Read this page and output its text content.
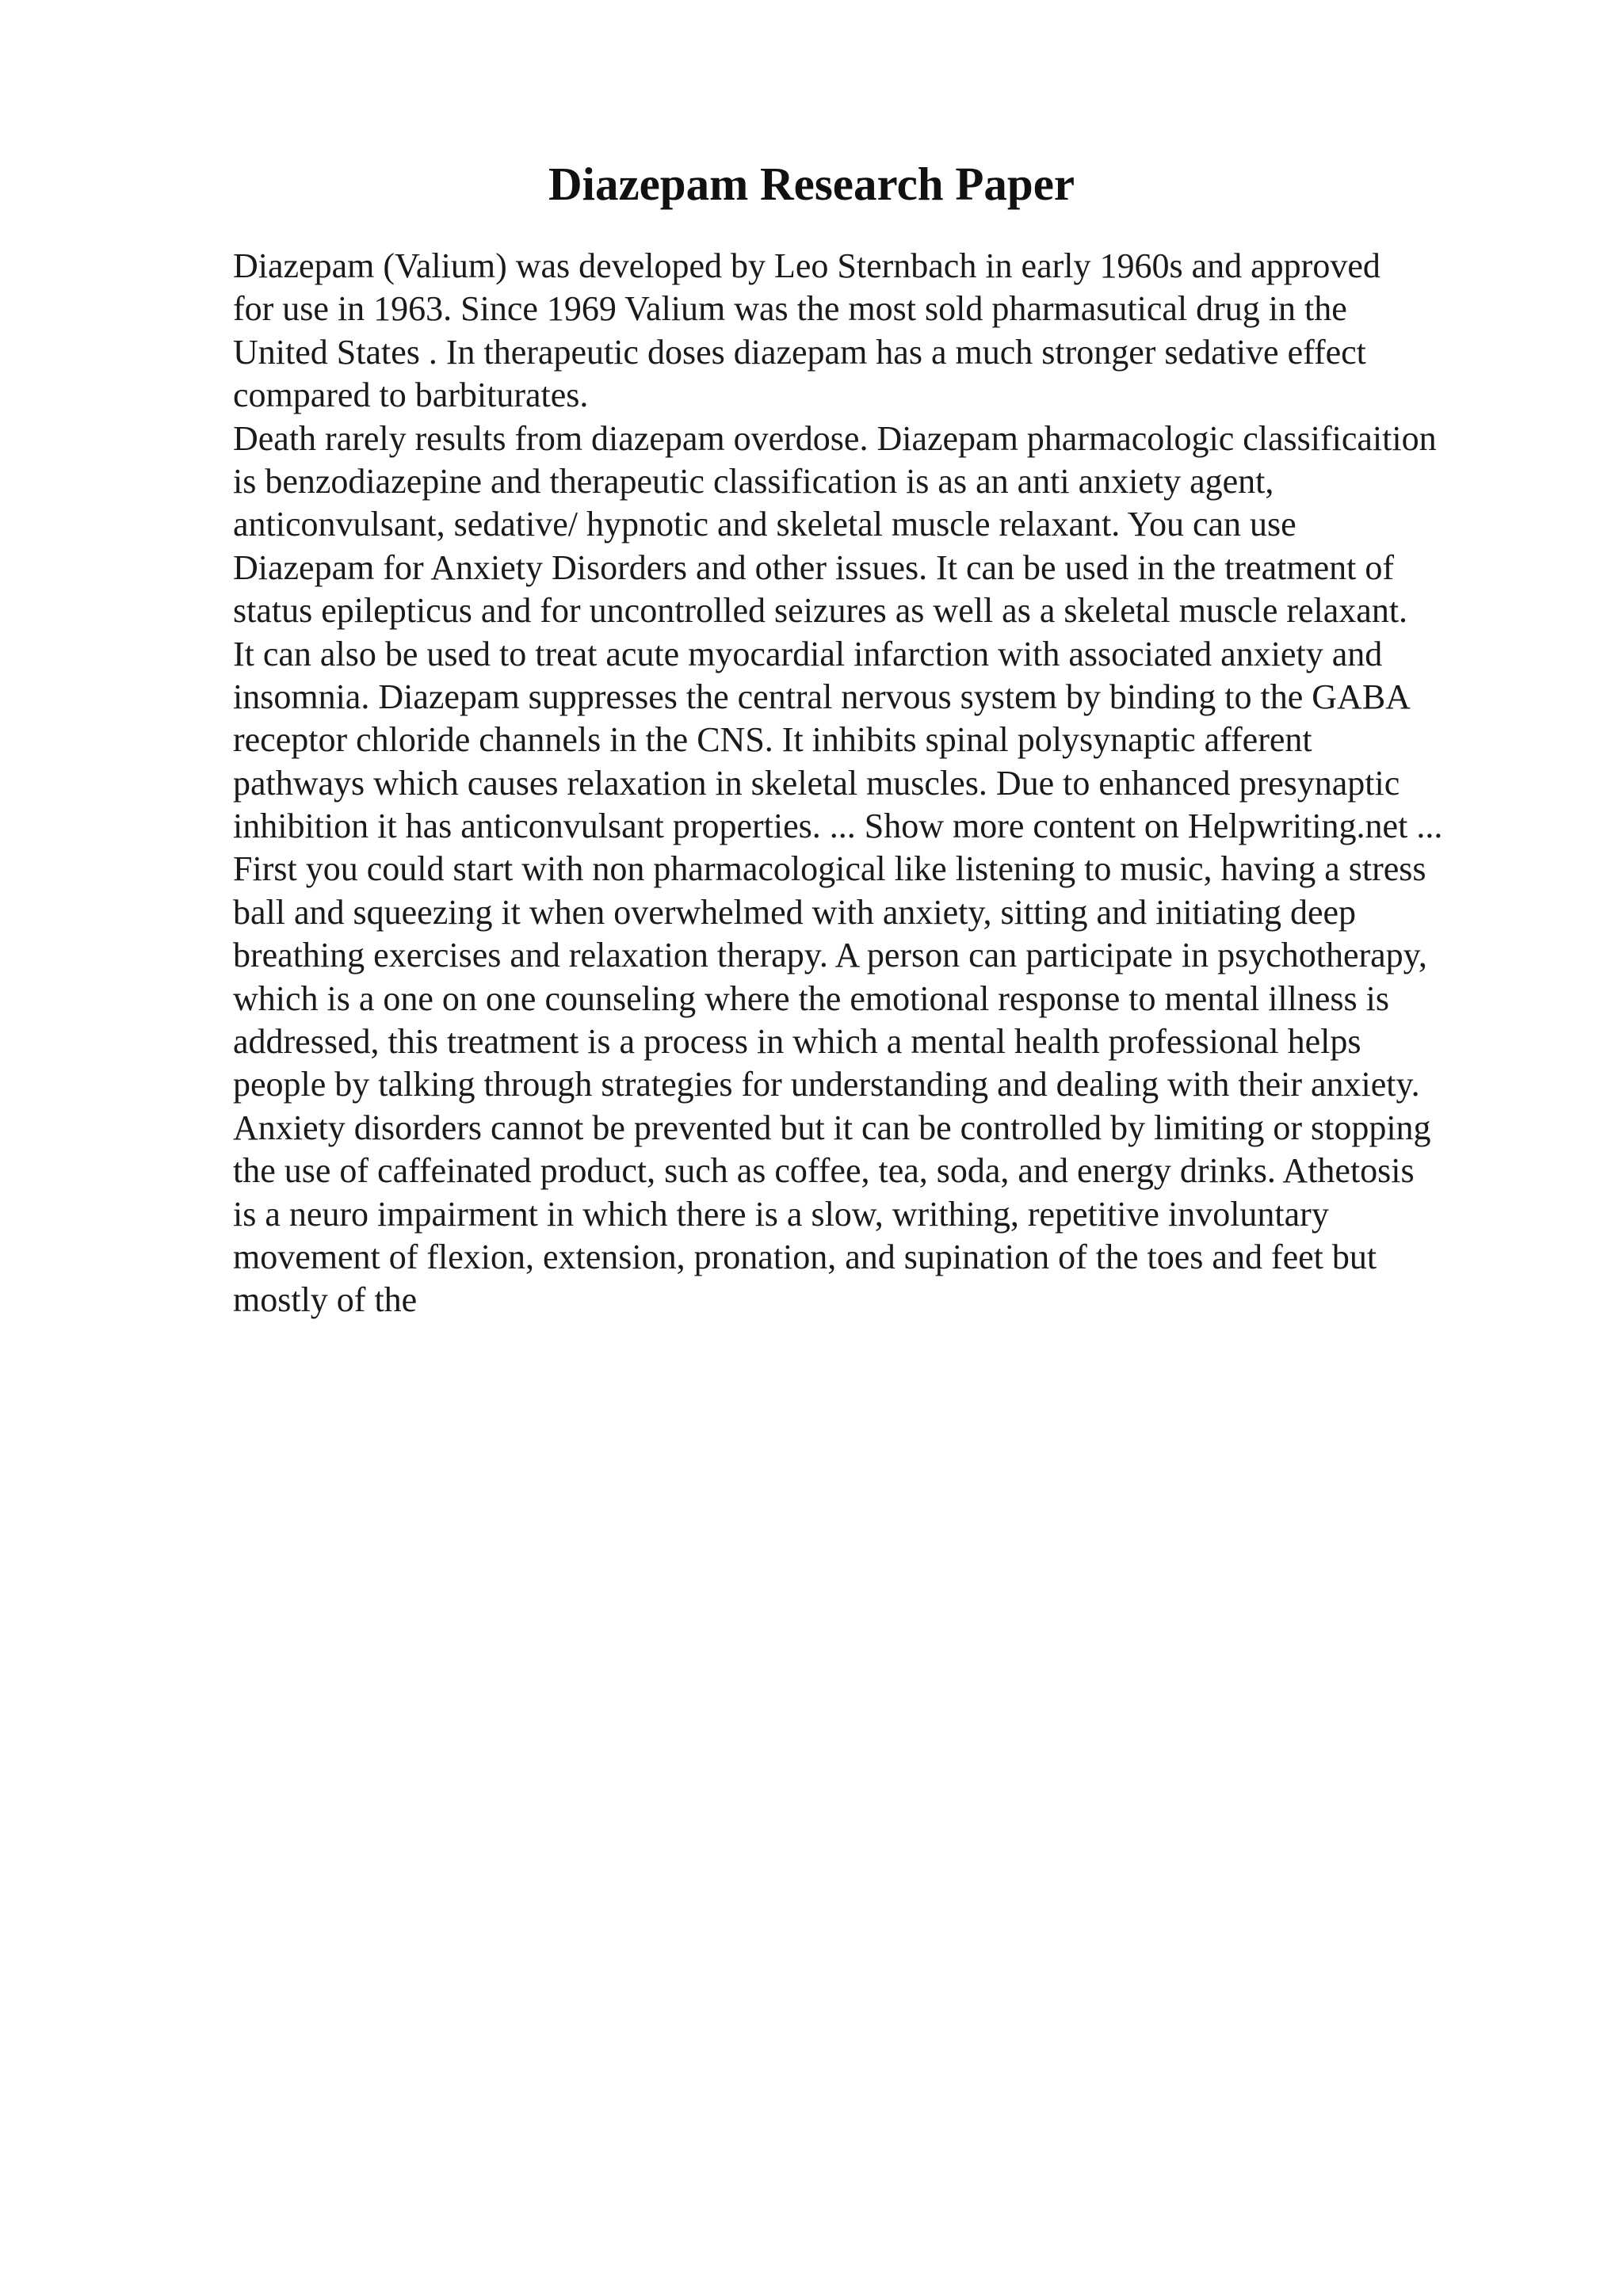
Diazepam Research Paper
Diazepam (Valium) was developed by Leo Sternbach in early 1960s and approved
for use in 1963. Since 1969 Valium was the most sold pharmasutical drug in the
United States . In therapeutic doses diazepam has a much stronger sedative effect
compared to barbiturates.
Death rarely results from diazepam overdose. Diazepam pharmacologic classificaition
is benzodiazepine and therapeutic classification is as an anti anxiety agent,
anticonvulsant, sedative/ hypnotic and skeletal muscle relaxant. You can use
Diazepam for Anxiety Disorders and other issues. It can be used in the treatment of
status epilepticus and for uncontrolled seizures as well as a skeletal muscle relaxant.
It can also be used to treat acute myocardial infarction with associated anxiety and
insomnia. Diazepam suppresses the central nervous system by binding to the GABA
receptor chloride channels in the CNS. It inhibits spinal polysynaptic afferent
pathways which causes relaxation in skeletal muscles. Due to enhanced presynaptic
inhibition it has anticonvulsant properties. ... Show more content on Helpwriting.net ...
First you could start with non pharmacological like listening to music, having a stress
ball and squeezing it when overwhelmed with anxiety, sitting and initiating deep
breathing exercises and relaxation therapy. A person can participate in psychotherapy,
which is a one on one counseling where the emotional response to mental illness is
addressed, this treatment is a process in which a mental health professional helps
people by talking through strategies for understanding and dealing with their anxiety.
Anxiety disorders cannot be prevented but it can be controlled by limiting or stopping
the use of caffeinated product, such as coffee, tea, soda, and energy drinks. Athetosis
is a neuro impairment in which there is a slow, writhing, repetitive involuntary
movement of flexion, extension, pronation, and supination of the toes and feet but
mostly of the
